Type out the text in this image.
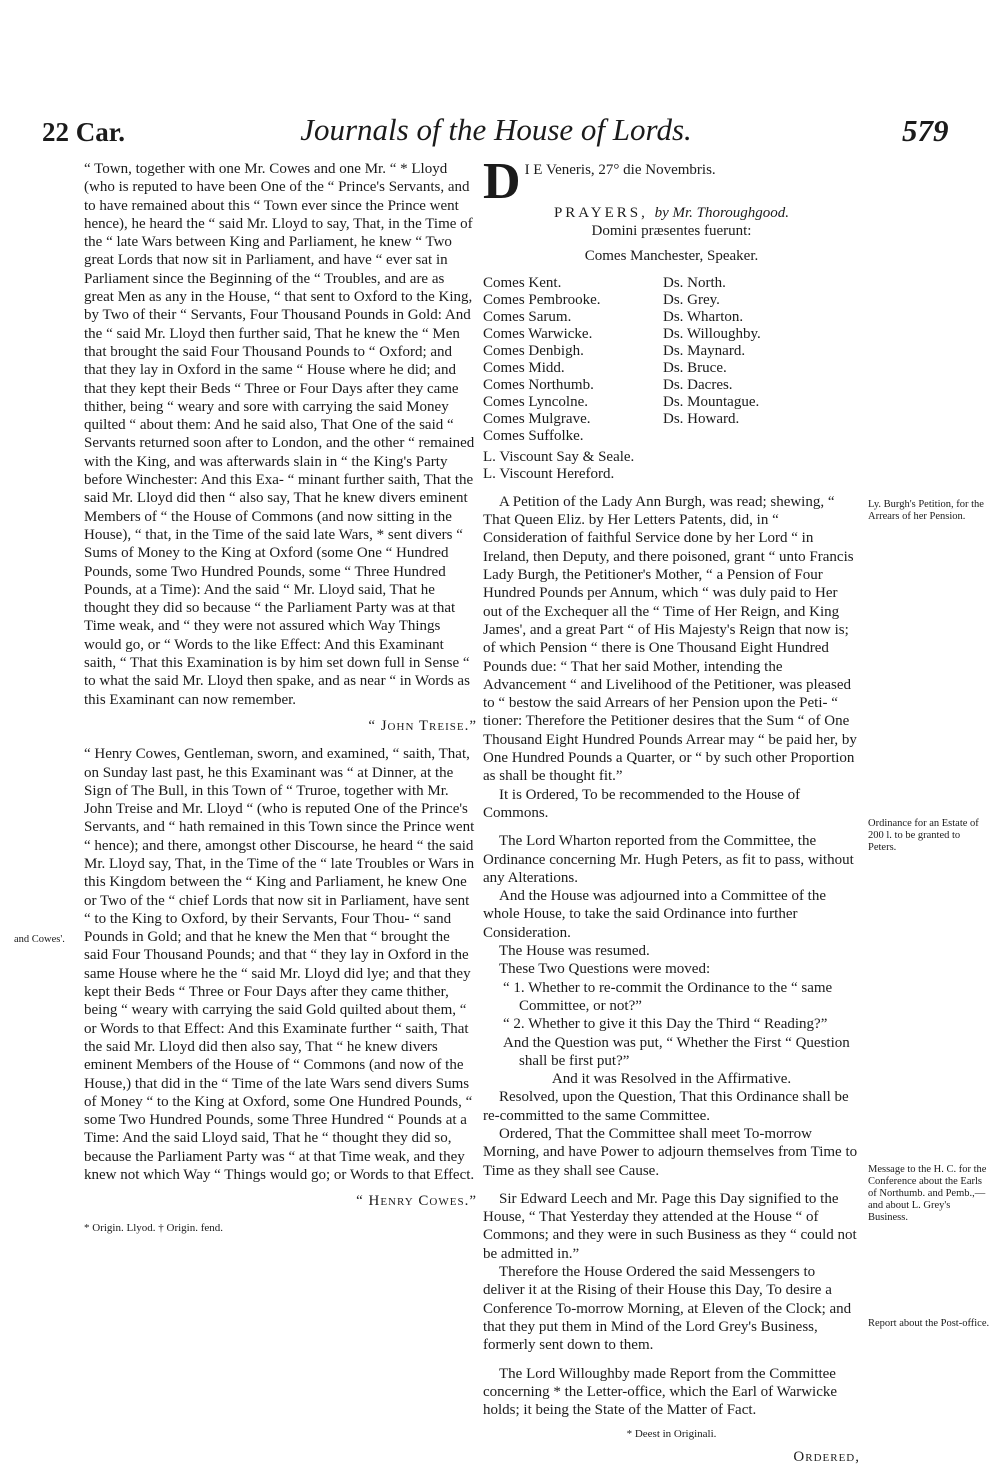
22 Car.	Journals of the House of Lords.	579

“ Town, together with one Mr. Cowes and one Mr. “ * Lloyd (who is reputed to have been One of the “ Prince's Servants, and to have remained about this “ Town ever since the Prince went hence), he heard the “ said Mr. Lloyd to say, That, in the Time of the “ late Wars between King and Parliament, he knew “ Two great Lords that now sit in Parliament, and have “ ever sat in Parliament since the Beginning of the “ Troubles, and are as great Men as any in the House, “ that sent to Oxford to the King, by Two of their “ Servants, Four Thousand Pounds in Gold: And the “ said Mr. Lloyd then further said, That he knew the “ Men that brought the said Four Thousand Pounds to “ Oxford; and that they lay in Oxford in the same “ House where he did; and that they kept their Beds “ Three or Four Days after they came thither, being “ weary and sore with carrying the said Money quilted “ about them: And he said also, That One of the said “ Servants returned soon after to London, and the other “ remained with the King, and was afterwards slain in “ the King's Party before Winchester: And this Exa- “ minant further saith, That the said Mr. Lloyd did then “ also say, That he knew divers eminent Members of “ the House of Commons (and now sitting in the House), “ that, in the Time of the said late Wars, * sent divers “ Sums of Money to the King at Oxford (some One “ Hundred Pounds, some Two Hundred Pounds, some “ Three Hundred Pounds, at a Time): And the said “ Mr. Lloyd said, That he thought they did so because “ the Parliament Party was at that Time weak, and “ they were not assured which Way Things would go, or “ Words to the like Effect: And this Examinant saith, “ That this Examination is by him set down full in Sense “ to what the said Mr. Lloyd then spake, and as near “ in Words as this Examinant can now remember.

“ John Treise.”

“ Henry Cowes, Gentleman, sworn, and examined, “ saith, That, on Sunday last past, he this Examinant was “ at Dinner, at the Sign of The Bull, in this Town of “ Truroe, together with Mr. John Treise and Mr. Lloyd “ (who is reputed One of the Prince's Servants, and “ hath remained in this Town since the Prince went “ hence); and there, amongst other Discourse, he heard “ the said Mr. Lloyd say, That, in the Time of the “ late Troubles or Wars in this Kingdom between the “ King and Parliament, he knew One or Two of the “ chief Lords that now sit in Parliament, have sent “ to the King to Oxford, by their Servants, Four Thou- “ sand Pounds in Gold; and that he knew the Men that “ brought the said Four Thousand Pounds; and that “ they lay in Oxford in the same House where he the “ said Mr. Lloyd did lye; and that they kept their Beds “ Three or Four Days after they came thither, being “ weary with carrying the said Gold quilted about them, “ or Words to that Effect: And this Examinate further “ saith, That the said Mr. Lloyd did then also say, That “ he knew divers eminent Members of the House of “ Commons (and now of the House,) that did in the “ Time of the late Wars send divers Sums of Money “ to the King at Oxford, some One Hundred Pounds, “ some Two Hundred Pounds, some Three Hundred “ Pounds at a Time: And the said Lloyd said, That he “ thought they did so, because the Parliament Party was “ at that Time weak, and they knew not which Way “ Things would go; or Words to that Effect.

“ Henry Cowes.”

* Origin. Llyod. † Origin. fend.

and Cowes'.

D I E Veneris, 27° die Novembris.

PRAYERS, by Mr. Thoroughgood.

Domini præsentes fuerunt:

Comes Manchester, Speaker.

Comes Kent.
Comes Pembrooke.
Comes Sarum.
Comes Warwicke.
Comes Denbigh.
Comes Midd.
Comes Northumb.
Comes Lyncolne.
Comes Mulgrave.
Comes Suffolke.
Ds. North.
Ds. Grey.
Ds. Wharton.
Ds. Willoughby.
Ds. Maynard.
Ds. Bruce.
Ds. Dacres.
Ds. Mountague.
Ds. Howard.
L. Viscount Say & Seale.
L. Viscount Hereford.

A Petition of the Lady Ann Burgh, was read; shewing, “ That Queen Eliz. by Her Letters Patents, did, in “ Consideration of faithful Service done by her Lord “ in Ireland, then Deputy, and there poisoned, grant “ unto Francis Lady Burgh, the Petitioner's Mother, “ a Pension of Four Hundred Pounds per Annum, which “ was duly paid to Her out of the Exchequer all the “ Time of Her Reign, and King James', and a great Part “ of His Majesty's Reign that now is; of which Pension “ there is One Thousand Eight Hundred Pounds due: “ That her said Mother, intending the Advancement “ and Livelihood of the Petitioner, was pleased to “ bestow the said Arrears of her Pension upon the Peti- “ tioner: Therefore the Petitioner desires that the Sum “ of One Thousand Eight Hundred Pounds Arrear may “ be paid her, by One Hundred Pounds a Quarter, or “ by such other Proportion as shall be thought fit.”

It is Ordered, To be recommended to the House of Commons.

The Lord Wharton reported from the Committee, the Ordinance concerning Mr. Hugh Peters, as fit to pass, without any Alterations.

And the House was adjourned into a Committee of the whole House, to take the said Ordinance into further Consideration.

The House was resumed.

These Two Questions were moved:

“ 1. Whether to re-commit the Ordinance to the “ same Committee, or not?”

“ 2. Whether to give it this Day the Third “ Reading?”

And the Question was put, “ Whether the First “ Question shall be first put?”

And it was Resolved in the Affirmative.

Resolved, upon the Question, That this Ordinance shall be re-committed to the same Committee.

Ordered, That the Committee shall meet To-morrow Morning, and have Power to adjourn themselves from Time to Time as they shall see Cause.

Sir Edward Leech and Mr. Page this Day signified to the House, “ That Yesterday they attended at the House “ of Commons; and they were in such Business as they “ could not be admitted in.”

Therefore the House Ordered the said Messengers to deliver it at the Rising of their House this Day, To desire a Conference To-morrow Morning, at Eleven of the Clock; and that they put them in Mind of the Lord Grey's Business, formerly sent down to them.

The Lord Willoughby made Report from the Committee concerning * the Letter-office, which the Earl of Warwicke holds; it being the State of the Matter of Fact.

* Deest in Originali.

Ordered,

Ly. Burgh's Petition, for the Arrears of her Pension.
Ordinance for an Estate of 200 l. to be granted to Peters.
Message to the H. C. for the Conference about the Earls of Northumb. and Pemb.,—and about L. Grey's Business.
Report about the Post-office.
